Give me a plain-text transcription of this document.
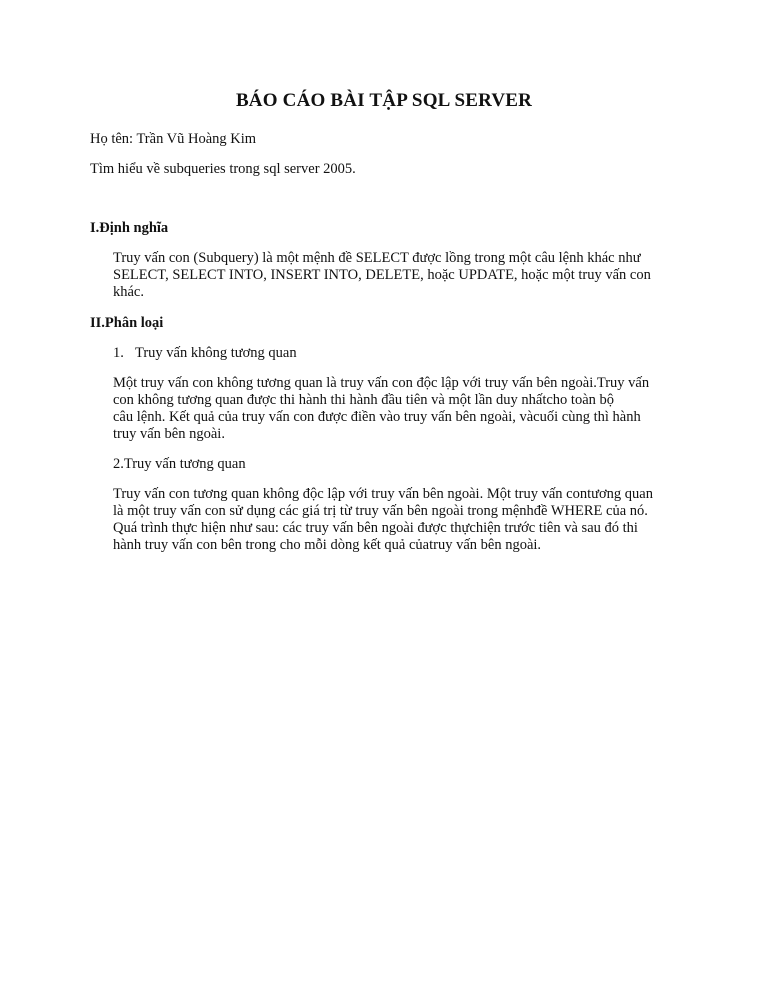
BÁO CÁO BÀI TẬP SQL SERVER
Họ tên: Trần Vũ Hoàng Kim
Tìm hiểu về subqueries trong sql server 2005.
I.Định nghĩa
Truy vấn con (Subquery) là một mệnh đề SELECT được lồng trong một câu lệnh khác như
SELECT, SELECT INTO, INSERT INTO, DELETE, hoặc UPDATE, hoặc một truy vấn con
khác.
II.Phân loại
1. Truy vấn không tương quan
Một truy vấn con không tương quan là truy vấn con độc lập với truy vấn bên ngoài.Truy vấn
con không tương quan được thi hành thi hành đầu tiên và một lần duy nhấtcho toàn bộ
câu lệnh. Kết quả của truy vấn con được điền vào truy vấn bên ngoài, vàcuối cùng thì hành
truy vấn bên ngoài.
2.Truy vấn tương quan
Truy vấn con tương quan không độc lập với truy vấn bên ngoài. Một truy vấn contương quan
là một truy vấn con sử dụng các giá trị từ truy vấn bên ngoài trong mệnhđề WHERE của nó.
Quá trình thực hiện như sau: các truy vấn bên ngoài được thựchiện trước tiên và sau đó thi
hành truy vấn con bên trong cho mỗi dòng kết quả củatruy vấn bên ngoài.
